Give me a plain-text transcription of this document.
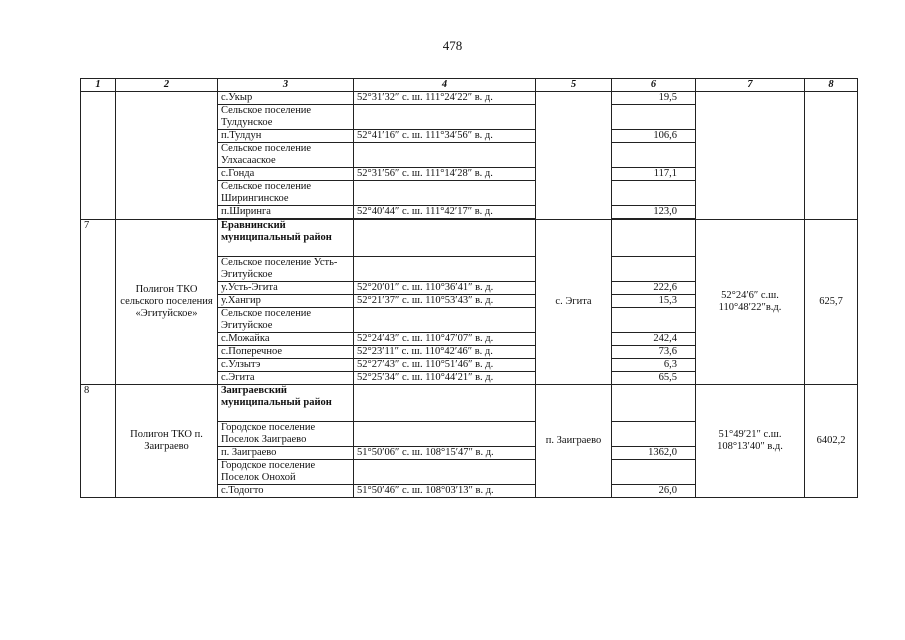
478
1	2	3	4	5	6	7	8
		с.Укыр	52°31′32″ с. ш. 111°24′22″ в. д.		19,5		
		Сельское поселение Тулдунское					
		п.Тулдун	52°41′16″ с. ш. 111°34′56″ в. д.		106,6		
		Сельское поселение Улхасаaское					
		с.Гонда	52°31′56″ с. ш. 111°14′28″ в. д.		117,1		
		Сельское поселение Ширингинское					
		п.Ширинга	52°40′44″ с. ш. 111°42′17″ в. д.		123,0		

7	Полигон ТКО сельского поселения «Эгитуйское»	Еравнинский муниципальный район		с. Эгита		52°24′6″ с.ш. 110°48′22″в.д.	625,7
		Сельское поселение Усть-Эгитуйское					
		у.Усть-Эгита	52°20′01″ с. ш. 110°36′41″ в. д.		222,6		
		у.Хангир	52°21′37″ с. ш. 110°53′43″ в. д.		15,3		
		Сельское поселение Эгитуйское					
		с.Можайка	52°24′43″ с. ш. 110°47′07″ в. д.		242,4		
		с.Поперечное	52°23′11″ с. ш. 110°42′46″ в. д.		73,6		
		с.Улзытэ	52°27′43″ с. ш. 110°51′46″ в. д.		6,3		
		с.Эгита	52°25′34″ с. ш. 110°44′21″ в. д.		65,5		
8	Полигон ТКО п. Заиграево	Заиграевский муниципальный район		п. Заиграево		51°49′21″ с.ш. 108°13′40″ в.д.	6402,2
		Городское поселение Поселок Заиграево					
		п. Заиграево	51°50′06″ с. ш. 108°15′47″ в. д.		1362,0		
		Городское поселение Поселок Онохой					
		с.Тодогто	51°50′46″ с. ш. 108°03′13″ в. д.		26,0		
